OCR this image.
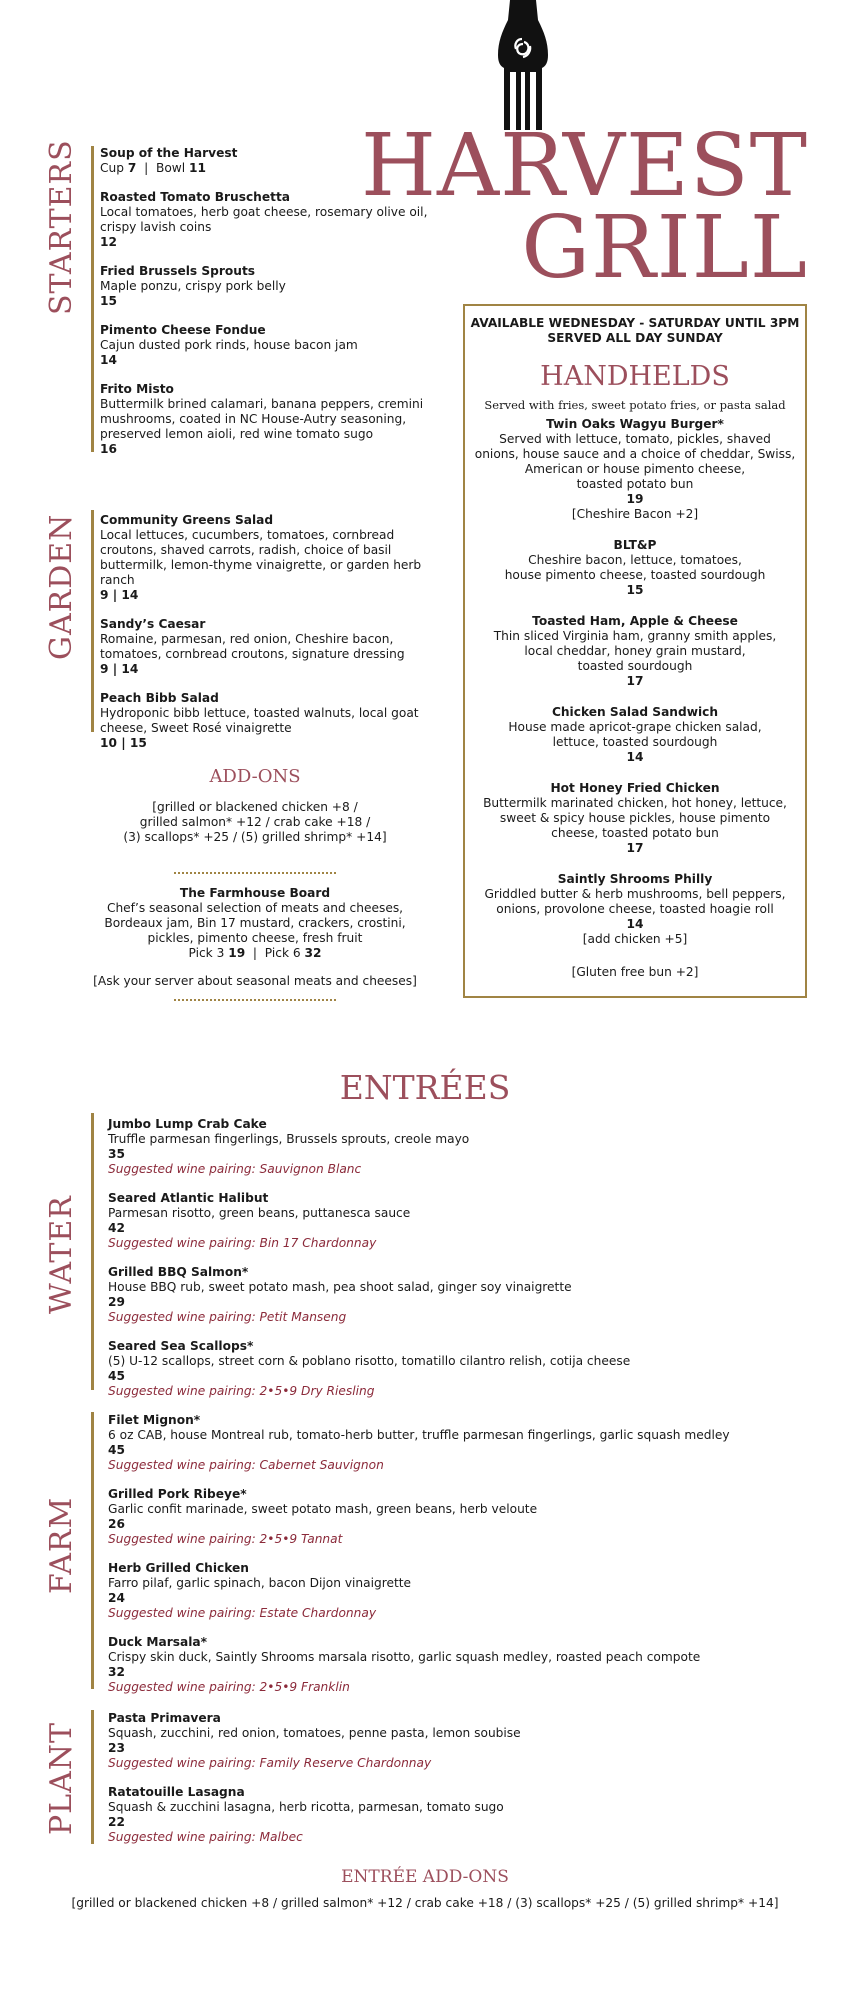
HARVEST
GRILL
STARTERS Soup of the Harvest
Cup 7  |  Bowl 11
Roasted Tomato Bruschetta
Local tomatoes, herb goat cheese, rosemary olive oil, crispy lavish coins
12
Fried Brussels Sprouts
Maple ponzu, crispy pork belly
15
Pimento Cheese Fondue
Cajun dusted pork rinds, house bacon jam
14
Frito Misto
Buttermilk brined calamari, banana peppers, cremini mushrooms, coated in NC House-Autry seasoning, preserved lemon aioli, red wine tomato sugo
16
GARDEN Community Greens Salad
Local lettuces, cucumbers, tomatoes, cornbread croutons, shaved carrots, radish, choice of basil buttermilk, lemon-thyme vinaigrette, or garden herb ranch
9 | 14
Sandy’s Caesar
Romaine, parmesan, red onion, Cheshire bacon, tomatoes, cornbread croutons, signature dressing
9 | 14
Peach Bibb Salad
Hydroponic bibb lettuce, toasted walnuts, local goat cheese, Sweet Rosé vinaigrette
10 | 15
ADD-ONS
[grilled or blackened chicken +8 /
grilled salmon* +12 / crab cake +18 /
(3) scallops* +25 / (5) grilled shrimp* +14]
The Farmhouse Board
Chef’s seasonal selection of meats and cheeses,
Bordeaux jam, Bin 17 mustard, crackers, crostini,
pickles, pimento cheese, fresh fruit
Pick 3 19  |  Pick 6 32
[Ask your server about seasonal meats and cheeses]
AVAILABLE WEDNESDAY - SATURDAY UNTIL 3PM
SERVED ALL DAY SUNDAY
HANDHELDS
Served with fries, sweet potato fries, or pasta salad
Twin Oaks Wagyu Burger*
Served with lettuce, tomato, pickles, shaved
onions, house sauce and a choice of cheddar, Swiss,
American or house pimento cheese,
toasted potato bun
19
[Cheshire Bacon +2]
BLT&P
Cheshire bacon, lettuce, tomatoes,
house pimento cheese, toasted sourdough
15
Toasted Ham, Apple & Cheese
Thin sliced Virginia ham, granny smith apples,
local cheddar, honey grain mustard,
toasted sourdough
17
Chicken Salad Sandwich
House made apricot-grape chicken salad,
lettuce, toasted sourdough
14
Hot Honey Fried Chicken
Buttermilk marinated chicken, hot honey, lettuce,
sweet & spicy house pickles, house pimento
cheese, toasted potato bun
17
Saintly Shrooms Philly
Griddled butter & herb mushrooms, bell peppers,
onions, provolone cheese, toasted hoagie roll
14
[add chicken +5]
[Gluten free bun +2]
ENTRÉES
WATER
Jumbo Lump Crab Cake
Truffle parmesan fingerlings, Brussels sprouts, creole mayo
35
Suggested wine pairing: Sauvignon Blanc
Seared Atlantic Halibut
Parmesan risotto, green beans, puttanesca sauce
42
Suggested wine pairing: Bin 17 Chardonnay
Grilled BBQ Salmon*
House BBQ rub, sweet potato mash, pea shoot salad, ginger soy vinaigrette
29
Suggested wine pairing: Petit Manseng
Seared Sea Scallops*
(5) U-12 scallops, street corn & poblano risotto, tomatillo cilantro relish, cotija cheese
45
Suggested wine pairing: 2•5•9 Dry Riesling
FARM
Filet Mignon*
6 oz CAB, house Montreal rub, tomato-herb butter, truffle parmesan fingerlings, garlic squash medley
45
Suggested wine pairing: Cabernet Sauvignon
Grilled Pork Ribeye*
Garlic confit marinade, sweet potato mash, green beans, herb veloute
26
Suggested wine pairing: 2•5•9 Tannat
Herb Grilled Chicken
Farro pilaf, garlic spinach, bacon Dijon vinaigrette
24
Suggested wine pairing: Estate Chardonnay
Duck Marsala*
Crispy skin duck, Saintly Shrooms marsala risotto, garlic squash medley, roasted peach compote
32
Suggested wine pairing: 2•5•9 Franklin
PLANT
Pasta Primavera
Squash, zucchini, red onion, tomatoes, penne pasta, lemon soubise
23
Suggested wine pairing: Family Reserve Chardonnay
Ratatouille Lasagna
Squash & zucchini lasagna, herb ricotta, parmesan, tomato sugo
22
Suggested wine pairing: Malbec
ENTRÉE ADD-ONS
[grilled or blackened chicken +8 / grilled salmon* +12 / crab cake +18 / (3) scallops* +25 / (5) grilled shrimp* +14]
